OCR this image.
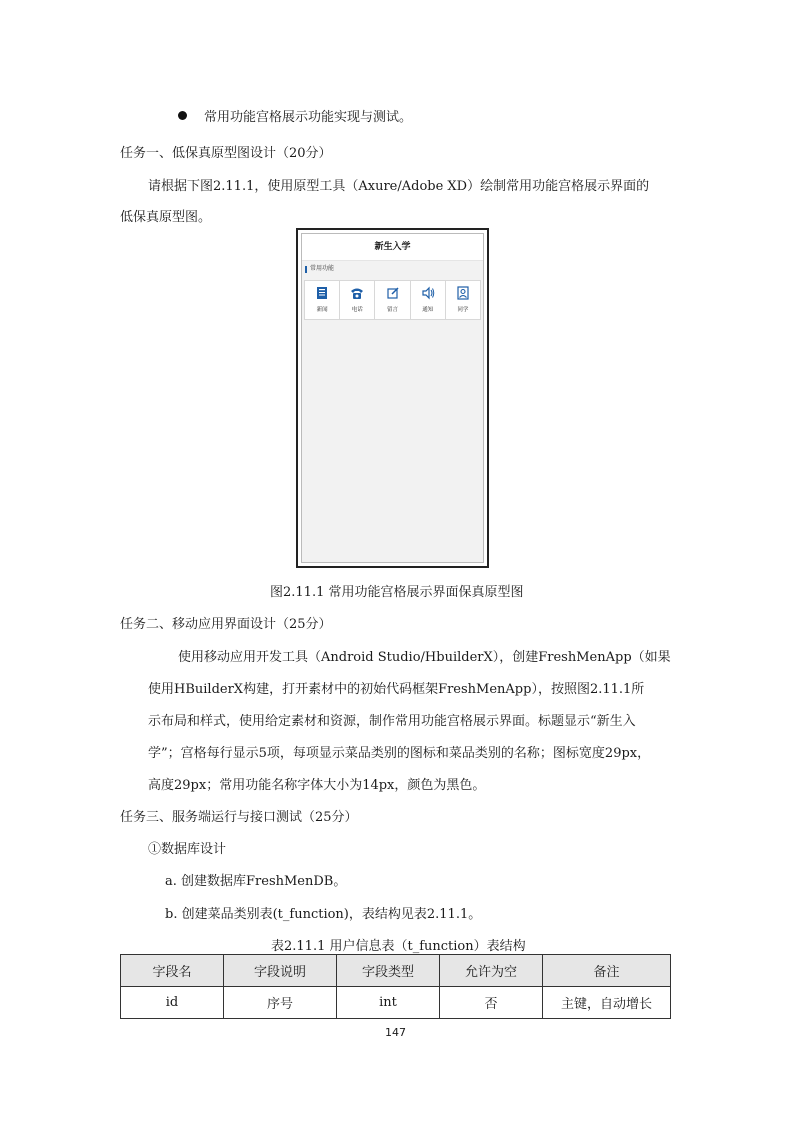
常用功能宫格展示功能实现与测试。
任务一、低保真原型图设计（20分）
请根据下图2.11.1，使用原型工具（Axure/Adobe XD）绘制常用功能宫格展示界面的
低保真原型图。
新生入学
常用功能
新闻	电话	留言	通知	同学
图2.11.1 常用功能宫格展示界面保真原型图
任务二、移动应用界面设计（25分）
使用移动应用开发工具（Android Studio/HbuilderX），创建FreshMenApp（如果
使用HBuilderX构建，打开素材中的初始代码框架FreshMenApp），按照图2.11.1所
示布局和样式，使用给定素材和资源，制作常用功能宫格展示界面。标题显示“新生入
学”；宫格每行显示5项，每项显示菜品类别的图标和菜品类别的名称；图标宽度29px，
高度29px；常用功能名称字体大小为14px，颜色为黑色。
任务三、服务端运行与接口测试（25分）
①数据库设计
a. 创建数据库FreshMenDB。
b. 创建菜品类别表(t_function)，表结构见表2.11.1。
表2.11.1 用户信息表（t_function）表结构
字段名	字段说明	字段类型	允许为空	备注
id	序号	int	否	主键，自动增长
147
